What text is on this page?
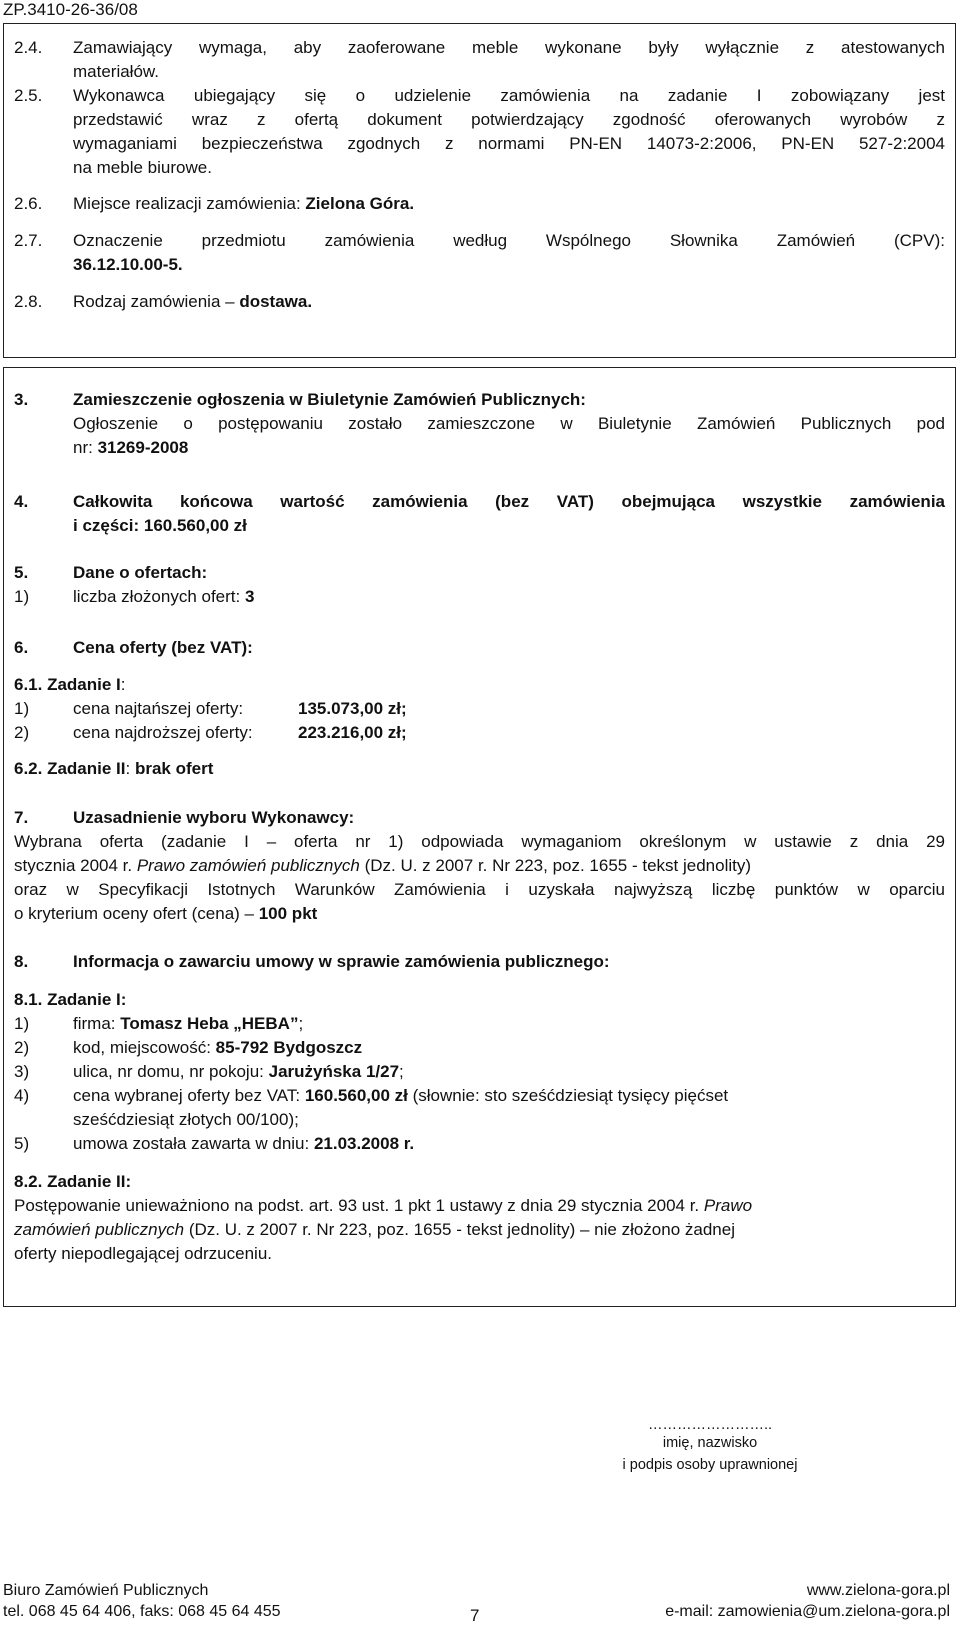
ZP.3410-26-36/08
2.4. Zamawiający wymaga, aby zaoferowane meble wykonane były wyłącznie z atestowanych
materiałów.
2.5. Wykonawca ubiegający się o udzielenie zamówienia na zadanie I zobowiązany jest
przedstawić wraz z ofertą dokument potwierdzający zgodność oferowanych wyrobów z
wymaganiami bezpieczeństwa zgodnych z normami PN-EN 14073-2:2006, PN-EN 527-2:2004
na meble biurowe.
2.6. Miejsce realizacji zamówienia: Zielona Góra.
2.7. Oznaczenie przedmiotu zamówienia według Wspólnego Słownika Zamówień (CPV):
36.12.10.00-5.
2.8. Rodzaj zamówienia – dostawa.
3.	Zamieszczenie ogłoszenia w Biuletynie Zamówień Publicznych:
Ogłoszenie o postępowaniu zostało zamieszczone w Biuletynie Zamówień Publicznych pod
nr: 31269-2008
4.	Całkowita końcowa wartość zamówienia (bez VAT) obejmująca wszystkie zamówienia
i części: 160.560,00 zł
5.	Dane o ofertach:
1)	liczba złożonych ofert: 3
6.	Cena oferty (bez VAT):
6.1. Zadanie I:
1)	cena najtańszej oferty:	135.073,00 zł;
2)	cena najdroższej oferty:	223.216,00 zł;
6.2. Zadanie II: brak ofert
7.	Uzasadnienie wyboru Wykonawcy:
Wybrana oferta (zadanie I – oferta nr 1) odpowiada wymaganiom określonym w ustawie z dnia 29
stycznia 2004 r. Prawo zamówień publicznych (Dz. U. z 2007 r. Nr 223, poz. 1655 - tekst jednolity)
oraz w Specyfikacji Istotnych Warunków Zamówienia i uzyskała najwyższą liczbę punktów w oparciu
o kryterium oceny ofert (cena) – 100 pkt
8.	Informacja o zawarciu umowy w sprawie zamówienia publicznego:
8.1. Zadanie I:
1)	firma: Tomasz Heba „HEBA”;
2)	kod, miejscowość: 85-792 Bydgoszcz
3)	ulica, nr domu, nr pokoju: Jarużyńska 1/27;
4)	cena wybranej oferty bez VAT: 160.560,00 zł (słownie: sto sześćdziesiąt tysięcy pięćset
sześćdziesiąt złotych 00/100);
5)	umowa została zawarta w dniu: 21.03.2008 r.
8.2. Zadanie II:
Postępowanie unieważniono na podst. art. 93 ust. 1 pkt 1 ustawy z dnia 29 stycznia 2004 r. Prawo
zamówień publicznych (Dz. U. z 2007 r. Nr 223, poz. 1655 - tekst jednolity) – nie złożono żadnej
oferty niepodlegającej odrzuceniu.
……………………..
imię, nazwisko
i podpis osoby uprawnionej
Biuro Zamówień Publicznych
tel. 068 45 64 406, faks: 068 45 64 455
www.zielona-gora.pl
e-mail: zamowienia@um.zielona-gora.pl
7
